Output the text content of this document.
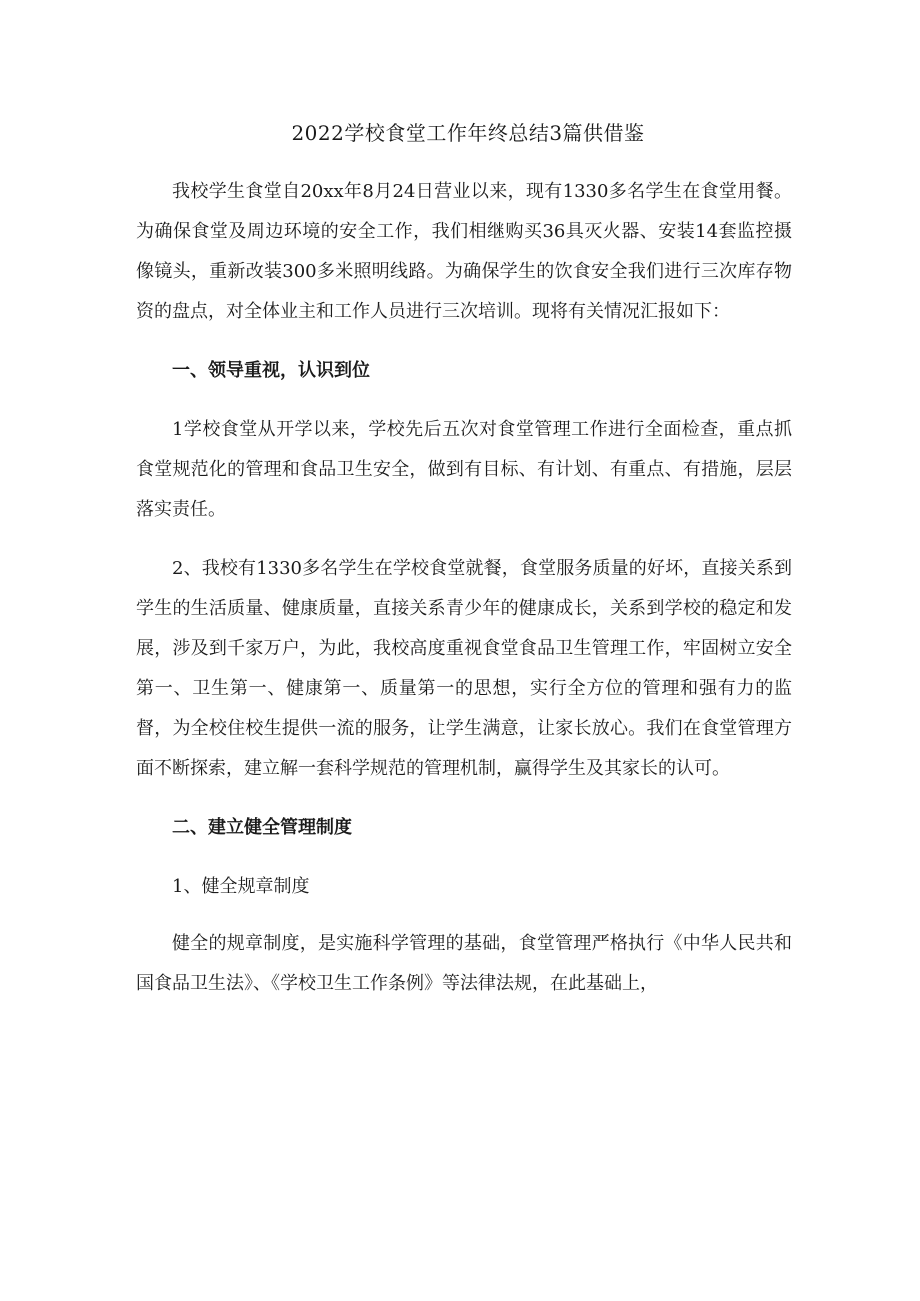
2022学校食堂工作年终总结3篇供借鉴

我校学生食堂自20xx年8月24日营业以来，现有1330多名学生在食堂用餐。为确保食堂及周边环境的安全工作，我们相继购买36具灭火器、安装14套监控摄像镜头，重新改装300多米照明线路。为确保学生的饮食安全我们进行三次库存物资的盘点，对全体业主和工作人员进行三次培训。现将有关情况汇报如下：

一、领导重视，认识到位

1学校食堂从开学以来，学校先后五次对食堂管理工作进行全面检查，重点抓食堂规范化的管理和食品卫生安全，做到有目标、有计划、有重点、有措施，层层落实责任。

2、我校有1330多名学生在学校食堂就餐，食堂服务质量的好坏，直接关系到学生的生活质量、健康质量，直接关系青少年的健康成长，关系到学校的稳定和发展，涉及到千家万户，为此，我校高度重视食堂食品卫生管理工作，牢固树立安全第一、卫生第一、健康第一、质量第一的思想，实行全方位的管理和强有力的监督，为全校住校生提供一流的服务，让学生满意，让家长放心。我们在食堂管理方面不断探索，建立解一套科学规范的管理机制，赢得学生及其家长的认可。

二、建立健全管理制度

1、健全规章制度

健全的规章制度，是实施科学管理的基础，食堂管理严格执行《中华人民共和国食品卫生法》、《学校卫生工作条例》等法律法规，在此基础上，
